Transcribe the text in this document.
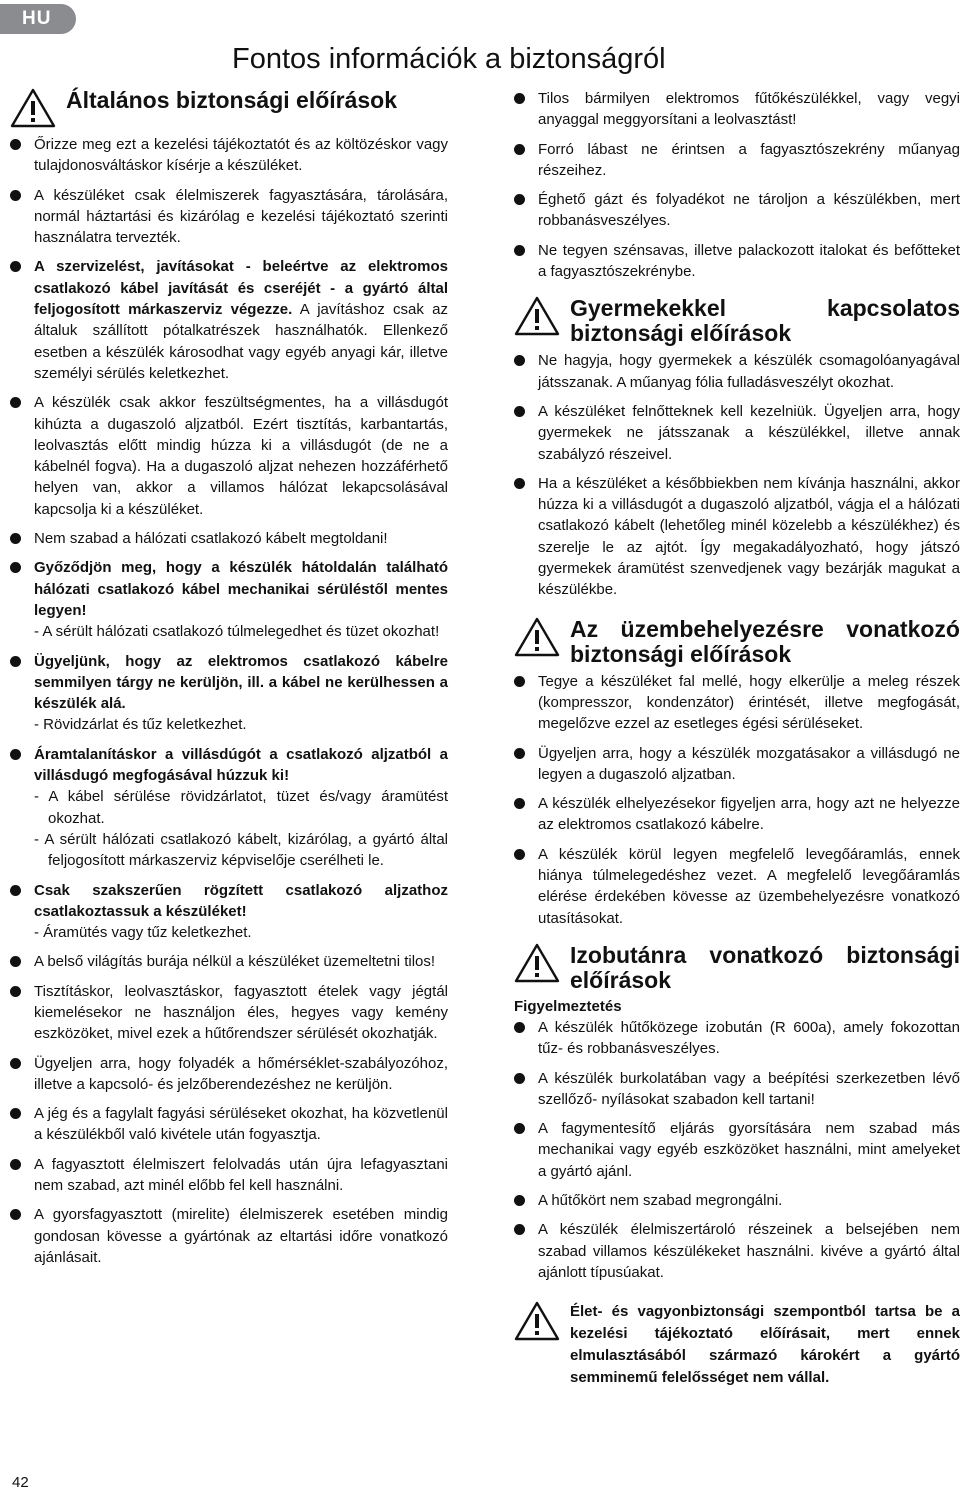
HU
Fontos információk a biztonságról
Általános biztonsági előírások
Őrizze meg ezt a kezelési tájékoztatót és az költözéskor vagy tulajdonosváltáskor kísérje a készüléket.
A készüléket csak élelmiszerek fagyasztására, tárolására, normál háztartási és kizárólag e kezelési tájékoztató szerinti használatra tervezték.
A szervizelést, javításokat - beleértve az elektromos csatlakozó kábel javítását és cseréjét - a gyártó által feljogosított márkaszerviz végezze. A javításhoz csak az általuk szállított pótalkatrészek használhatók. Ellenkező esetben a készülék károsodhat vagy egyéb anyagi kár, illetve személyi sérülés keletkezhet.
A készülék csak akkor feszültségmentes, ha a villásdugót kihúzta a dugaszoló aljzatból. Ezért tisztítás, karbantartás, leolvasztás előtt mindig húzza ki a villásdugót (de ne a kábelnél fogva). Ha a dugaszoló aljzat nehezen hozzáférhető helyen van, akkor a villamos hálózat lekapcsolásával kapcsolja ki a készüléket.
Nem szabad a hálózati csatlakozó kábelt megtoldani!
Győződjön meg, hogy a készülék hátoldalán található hálózati csatlakozó kábel mechanikai sérüléstől mentes legyen!
- A sérült hálózati csatlakozó túlmelegedhet és tüzet okozhat!
Ügyeljünk, hogy az elektromos csatlakozó kábelre semmilyen tárgy ne kerüljön, ill. a kábel ne kerülhessen a készülék alá.
- Rövidzárlat és tűz keletkezhet.
Áramtalanításkor a villásdúgót a csatlakozó aljzatból a villásdugó megfogásával húzzuk ki!
- A kábel sérülése rövidzárlatot, tüzet és/vagy áramütést okozhat.
- A sérült hálózati csatlakozó kábelt, kizárólag, a gyártó által feljogosított márkaszerviz képviselője cserélheti le.
Csak szakszerűen rögzített csatlakozó aljzathoz csatlakoztassuk a készüléket!
- Áramütés vagy tűz keletkezhet.
A belső világítás burája nélkül a készüléket üzemeltetni tilos!
Tisztításkor, leolvasztáskor, fagyasztott ételek vagy jégtál kiemelésekor ne használjon éles, hegyes vagy kemény eszközöket, mivel ezek a hűtőrendszer sérülését okozhatják.
Ügyeljen arra, hogy folyadék a hőmérséklet-szabályozóhoz, illetve a kapcsoló- és jelzőberendezéshez ne kerüljön.
A jég és a fagylalt fagyási sérüléseket okozhat, ha közvetlenül a készülékből való kivétele után fogyasztja.
A fagyasztott élelmiszert felolvadás után újra lefagyasztani nem szabad, azt minél előbb fel kell használni.
A gyorsfagyasztott (mirelite) élelmiszerek esetében mindig gondosan kövesse a gyártónak az eltartási időre vonatkozó ajánlásait.
Tilos bármilyen elektromos fűtőkészülékkel, vagy vegyi anyaggal meggyorsítani a leolvasztást!
Forró lábast ne érintsen a fagyasztószekrény műanyag részeihez.
Éghető gázt és folyadékot ne tároljon a készülékben, mert robbanásveszélyes.
Ne tegyen szénsavas, illetve palackozott italokat és befőtteket a fagyasztószekrénybe.
Gyermekekkel kapcsolatos biztonsági előírások
Ne hagyja, hogy gyermekek a készülék csomagolóanyagával játsszanak. A műanyag fólia fulladásveszélyt okozhat.
A készüléket felnőtteknek kell kezelniük. Ügyeljen arra, hogy gyermekek ne játsszanak a készülékkel, illetve annak szabályzó részeivel.
Ha a készüléket a későbbiekben nem kívánja használni, akkor húzza ki a villásdugót a dugaszoló aljzatból, vágja el a hálózati csatlakozó kábelt (lehetőleg minél közelebb a készülékhez) és szerelje le az ajtót. Így megakadályozható, hogy játszó gyermekek áramütést szenvedjenek vagy bezárják magukat a készülékbe.
Az üzembehelyezésre vonatkozó biztonsági előírások
Tegye a készüléket fal mellé, hogy elkerülje a meleg részek (kompresszor, kondenzátor) érintését, illetve megfogását, megelőzve ezzel az esetleges égési sérüléseket.
Ügyeljen arra, hogy a készülék mozgatásakor a villásdugó ne legyen a dugaszoló aljzatban.
A készülék elhelyezésekor figyeljen arra, hogy azt ne helyezze az elektromos csatlakozó kábelre.
A készülék körül legyen megfelelő levegőáramlás, ennek hiánya túlmelegedéshez vezet. A megfelelő levegőáramlás elérése érdekében kövesse az üzembehelyezésre vonatkozó utasításokat.
Izobutánra vonatkozó biztonsági előírások
Figyelmeztetés
A készülék hűtőközege izobután (R 600a), amely fokozottan tűz- és robbanásveszélyes.
A készülék burkolatában vagy a beépítési szerkezetben lévő szellőző- nyílásokat szabadon kell tartani!
A fagymentesítő eljárás gyorsítására nem szabad más mechanikai vagy egyéb eszközöket használni, mint amelyeket a gyártó ajánl.
A hűtőkört nem szabad megrongálni.
A készülék élelmiszertároló részeinek a belsejében nem szabad villamos készülékeket használni. kivéve a gyártó által ajánlott típusúakat.
Élet- és vagyonbiztonsági szempontból tartsa be a kezelési tájékoztató előírásait, mert ennek elmulasztásából származó károkért a gyártó semminemű felelősséget nem vállal.
42
